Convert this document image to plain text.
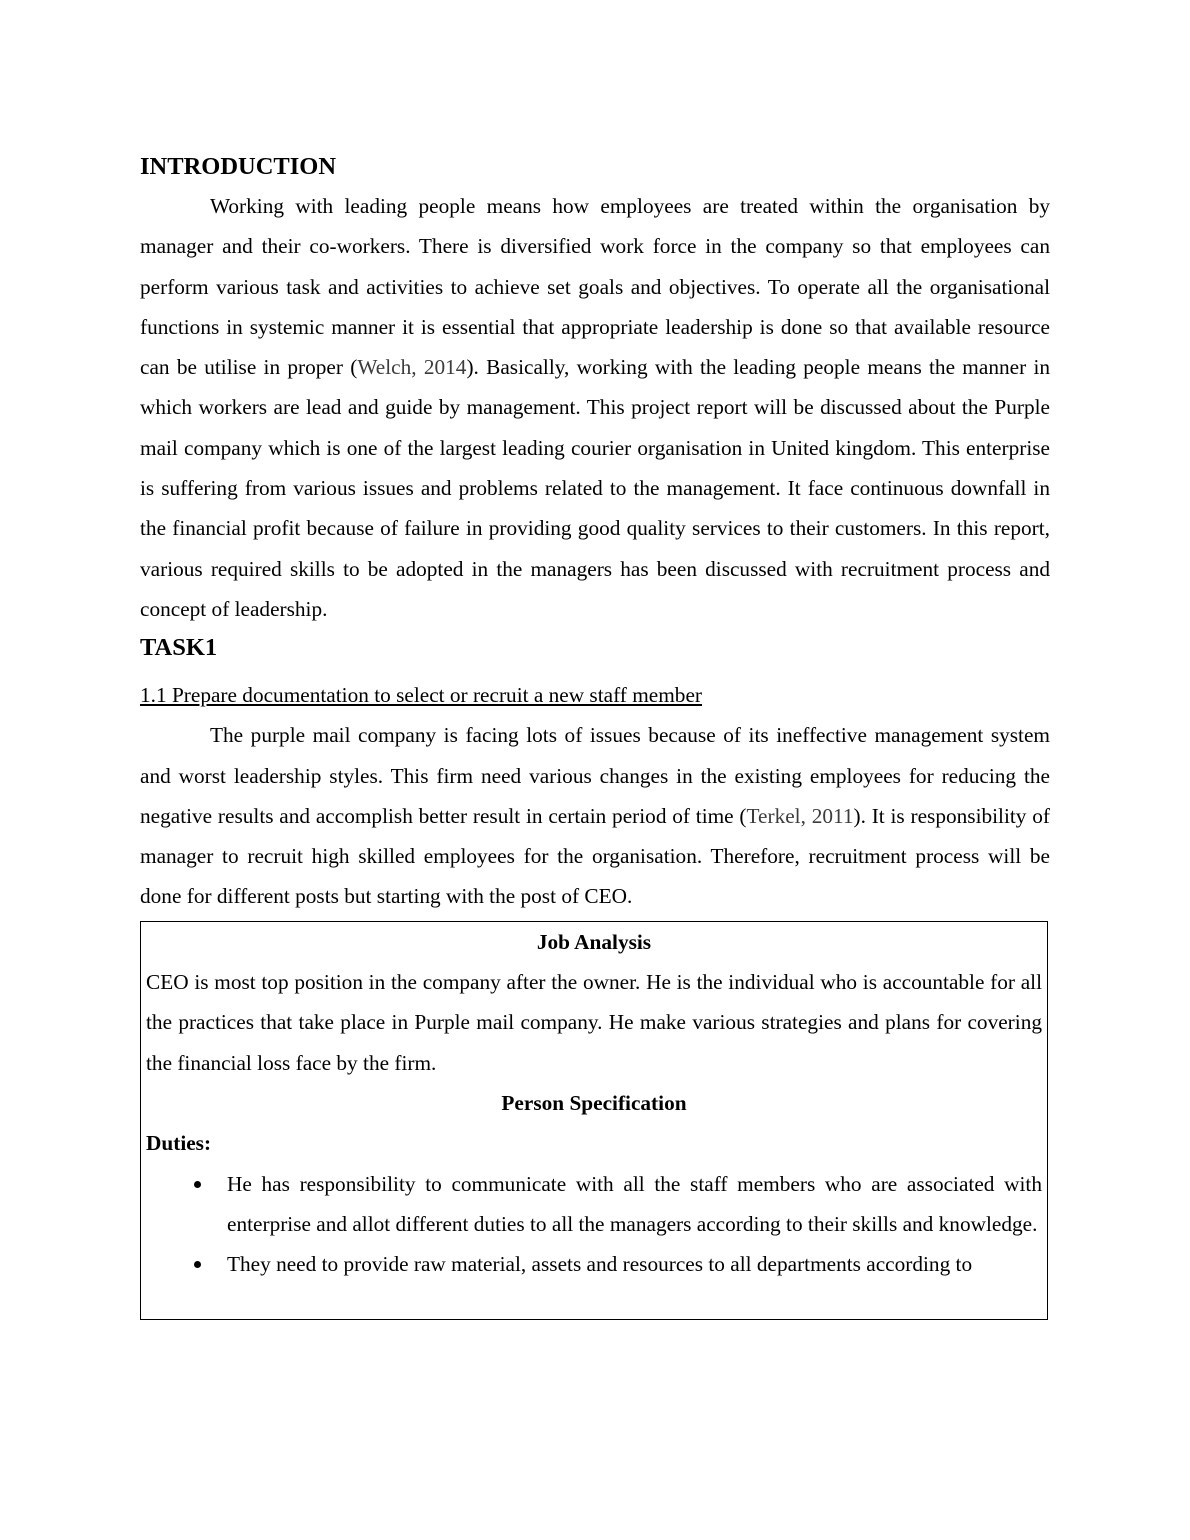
INTRODUCTION

Working with leading people means how employees are treated within the organisation by manager and their co-workers. There is diversified work force in the company so that employees can perform various task and activities to achieve set goals and objectives. To operate all the organisational functions in systemic manner it is essential that appropriate leadership is done so that available resource can be utilise in proper (Welch, 2014). Basically, working with the leading people means the manner in which workers are lead and guide by management. This project report will be discussed about the Purple mail company which is one of the largest leading courier organisation in United kingdom. This enterprise is suffering from various issues and problems related to the management. It face continuous downfall in the financial profit because of failure in providing good quality services to their customers. In this report, various required skills to be adopted in the managers has been discussed with recruitment process and concept of leadership.

TASK1

1.1 Prepare documentation to select or recruit a new staff member

The purple mail company is facing lots of issues because of its ineffective management system and worst leadership styles. This firm need various changes in the existing employees for reducing the negative results and accomplish better result in certain period of time (Terkel, 2011). It is responsibility of manager to recruit high skilled employees for the organisation. Therefore, recruitment process will be done for different posts but starting with the post of CEO.

Job Analysis

CEO is most top position in the company after the owner. He is the individual who is accountable for all the practices that take place in Purple mail company. He make various strategies and plans for covering the financial loss face by the firm.

Person Specification

Duties:

He has responsibility to communicate with all the staff members who are associated with enterprise and allot different duties to all the managers according to their skills and knowledge.
They need to provide raw material, assets and resources to all departments according to
